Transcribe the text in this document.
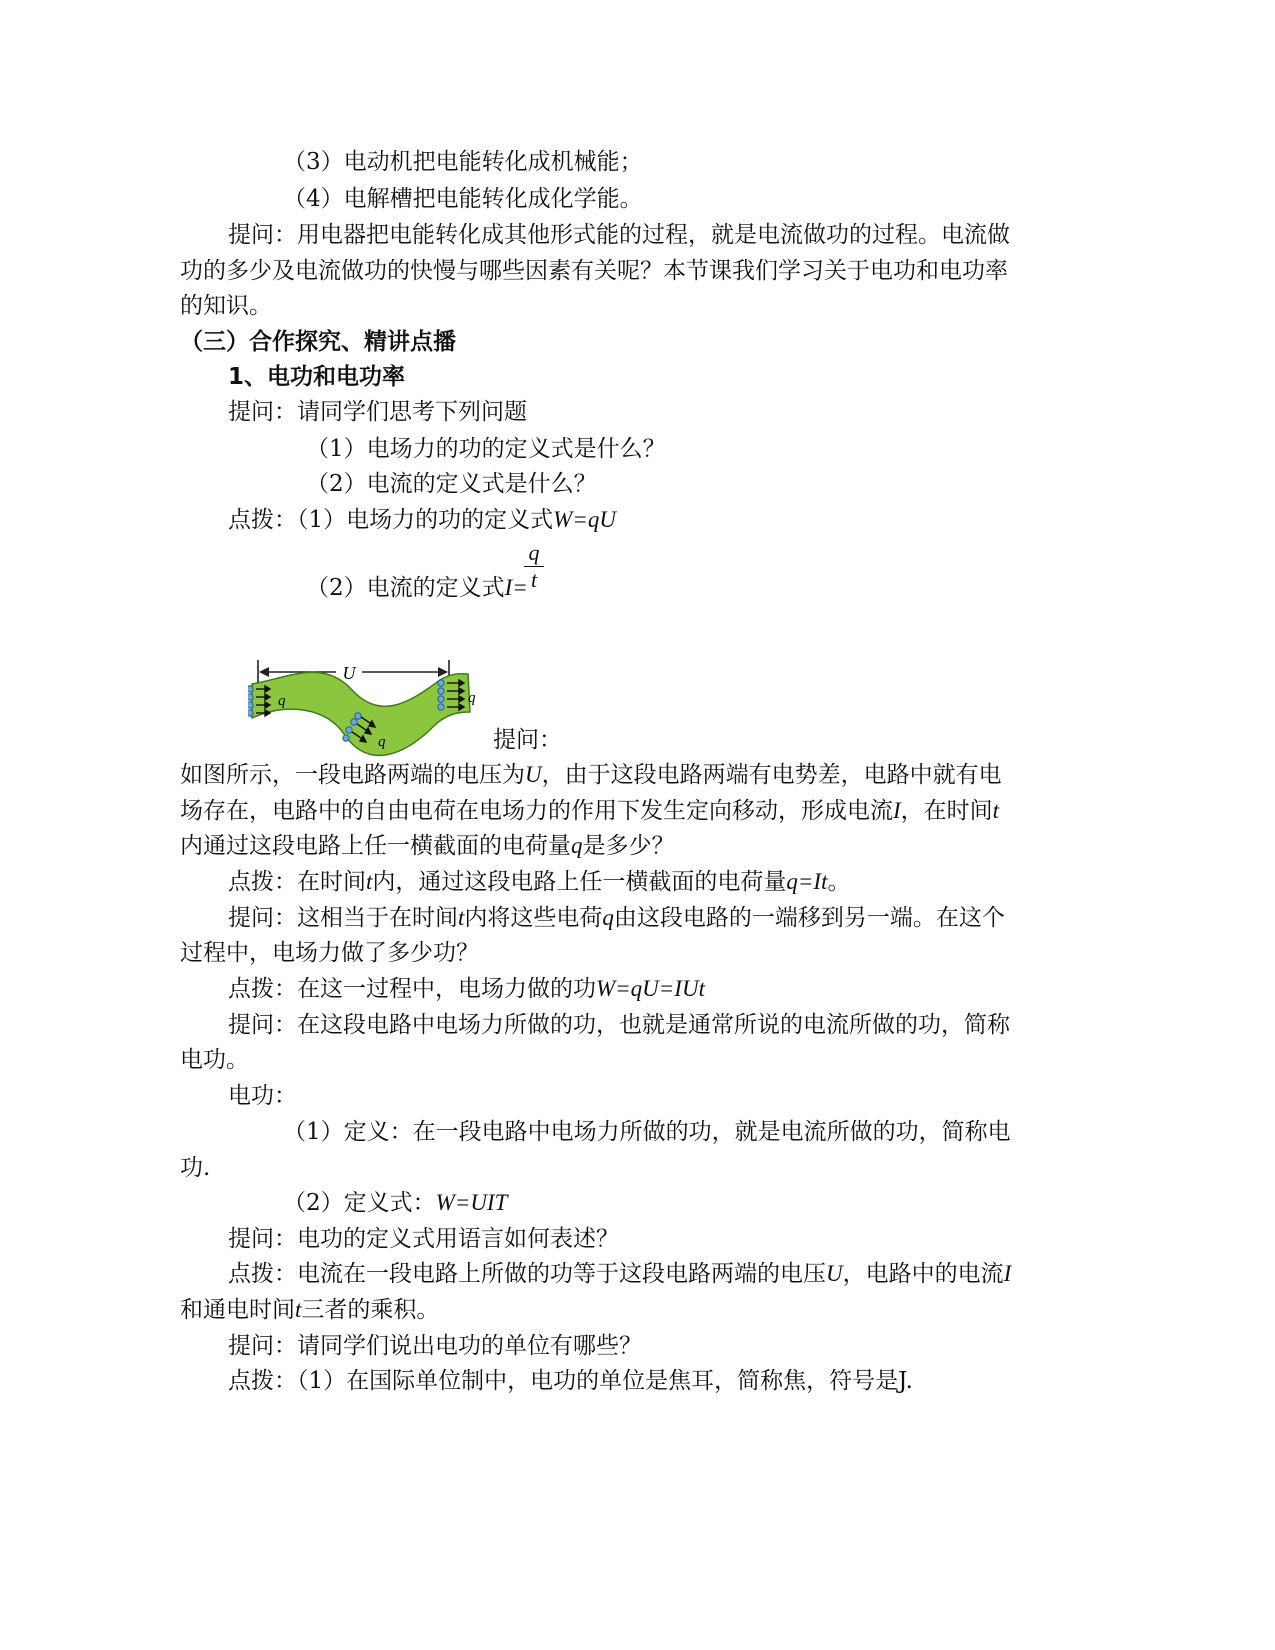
（3）电动机把电能转化成机械能；
（4）电解槽把电能转化成化学能。
提问：用电器把电能转化成其他形式能的过程，就是电流做功的过程。电流做
功的多少及电流做功的快慢与哪些因素有关呢？本节课我们学习关于电功和电功率
的知识。
（三）合作探究、精讲点播
1、电功和电功率
提问：请同学们思考下列问题
（1）电场力的功的定义式是什么？
（2）电流的定义式是什么？
点拨：（1）电场力的功的定义式W=qU
（2）电流的定义式I=
q
t
U
q
q
q
提问：
如图所示，一段电路两端的电压为U，由于这段电路两端有电势差，电路中就有电
场存在，电路中的自由电荷在电场力的作用下发生定向移动，形成电流I，在时间t
内通过这段电路上任一横截面的电荷量q是多少？
点拨：在时间t内，通过这段电路上任一横截面的电荷量q=It。
提问：这相当于在时间t内将这些电荷q由这段电路的一端移到另一端。在这个
过程中，电场力做了多少功？
点拨：在这一过程中，电场力做的功W=qU=IUt
提问：在这段电路中电场力所做的功，也就是通常所说的电流所做的功，简称
电功。
电功：
（1）定义：在一段电路中电场力所做的功，就是电流所做的功，简称电
功.
（2）定义式：W=UIT
提问：电功的定义式用语言如何表述？
点拨：电流在一段电路上所做的功等于这段电路两端的电压U，电路中的电流I
和通电时间t三者的乘积。
提问：请同学们说出电功的单位有哪些？
点拨：（1）在国际单位制中，电功的单位是焦耳，简称焦，符号是J.
